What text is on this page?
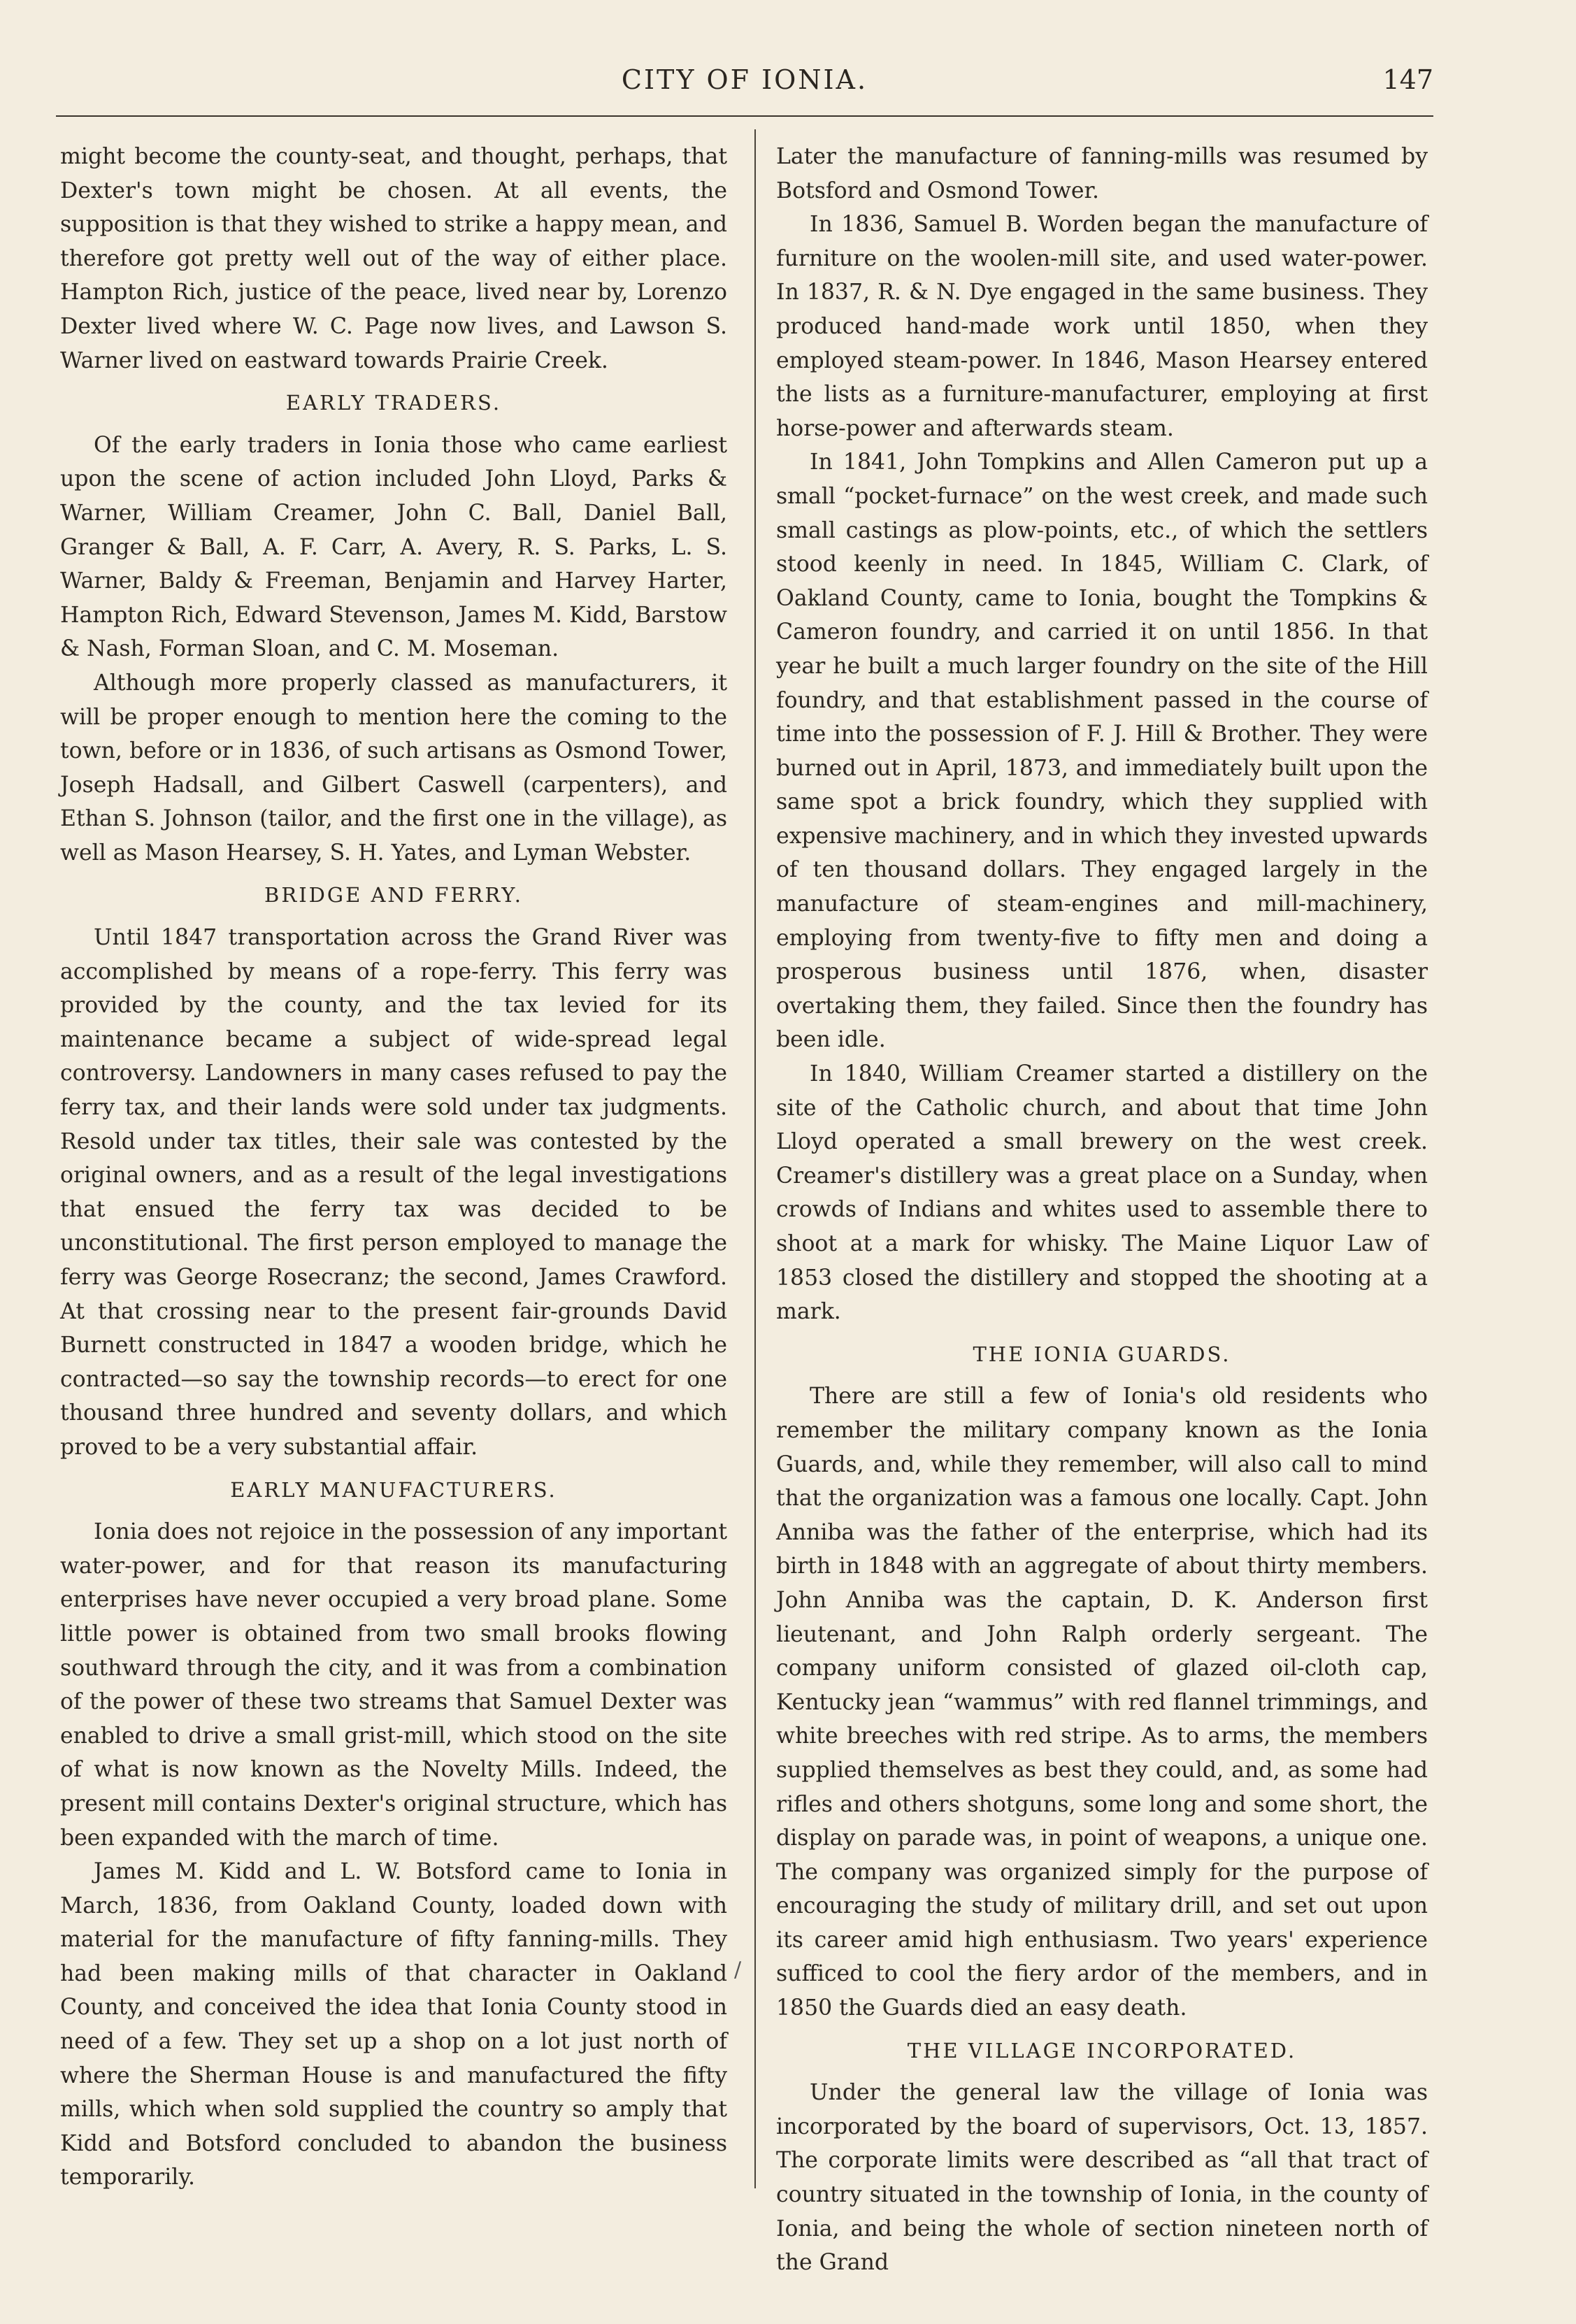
CITY OF IONIA.	147

might become the county-seat, and thought, perhaps, that Dexter's town might be chosen. At all events, the supposition is that they wished to strike a happy mean, and therefore got pretty well out of the way of either place. Hampton Rich, justice of the peace, lived near by, Lorenzo Dexter lived where W. C. Page now lives, and Lawson S. Warner lived on eastward towards Prairie Creek.

EARLY TRADERS.

Of the early traders in Ionia those who came earliest upon the scene of action included John Lloyd, Parks & Warner, William Creamer, John C. Ball, Daniel Ball, Granger & Ball, A. F. Carr, A. Avery, R. S. Parks, L. S. Warner, Baldy & Freeman, Benjamin and Harvey Harter, Hampton Rich, Edward Stevenson, James M. Kidd, Barstow & Nash, Forman Sloan, and C. M. Moseman.

Although more properly classed as manufacturers, it will be proper enough to mention here the coming to the town, before or in 1836, of such artisans as Osmond Tower, Joseph Hadsall, and Gilbert Caswell (carpenters), and Ethan S. Johnson (tailor, and the first one in the village), as well as Mason Hearsey, S. H. Yates, and Lyman Webster.

BRIDGE AND FERRY.

Until 1847 transportation across the Grand River was accomplished by means of a rope-ferry. This ferry was provided by the county, and the tax levied for its maintenance became a subject of wide-spread legal controversy. Landowners in many cases refused to pay the ferry tax, and their lands were sold under tax judgments. Resold under tax titles, their sale was contested by the original owners, and as a result of the legal investigations that ensued the ferry tax was decided to be unconstitutional. The first person employed to manage the ferry was George Rosecranz; the second, James Crawford. At that crossing near to the present fair-grounds David Burnett constructed in 1847 a wooden bridge, which he contracted—so say the township records—to erect for one thousand three hundred and seventy dollars, and which proved to be a very substantial affair.

EARLY MANUFACTURERS.

Ionia does not rejoice in the possession of any important water-power, and for that reason its manufacturing enterprises have never occupied a very broad plane. Some little power is obtained from two small brooks flowing southward through the city, and it was from a combination of the power of these two streams that Samuel Dexter was enabled to drive a small grist-mill, which stood on the site of what is now known as the Novelty Mills. Indeed, the present mill contains Dexter's original structure, which has been expanded with the march of time.

James M. Kidd and L. W. Botsford came to Ionia in March, 1836, from Oakland County, loaded down with material for the manufacture of fifty fanning-mills. They had been making mills of that character in Oakland County, and conceived the idea that Ionia County stood in need of a few. They set up a shop on a lot just north of where the Sherman House is and manufactured the fifty mills, which when sold supplied the country so amply that Kidd and Botsford concluded to abandon the business temporarily.

Later the manufacture of fanning-mills was resumed by Botsford and Osmond Tower.

In 1836, Samuel B. Worden began the manufacture of furniture on the woolen-mill site, and used water-power. In 1837, R. & N. Dye engaged in the same business. They produced hand-made work until 1850, when they employed steam-power. In 1846, Mason Hearsey entered the lists as a furniture-manufacturer, employing at first horse-power and afterwards steam.

In 1841, John Tompkins and Allen Cameron put up a small “pocket-furnace” on the west creek, and made such small castings as plow-points, etc., of which the settlers stood keenly in need. In 1845, William C. Clark, of Oakland County, came to Ionia, bought the Tompkins & Cameron foundry, and carried it on until 1856. In that year he built a much larger foundry on the site of the Hill foundry, and that establishment passed in the course of time into the possession of F. J. Hill & Brother. They were burned out in April, 1873, and immediately built upon the same spot a brick foundry, which they supplied with expensive machinery, and in which they invested upwards of ten thousand dollars. They engaged largely in the manufacture of steam-engines and mill-machinery, employing from twenty-five to fifty men and doing a prosperous business until 1876, when, disaster overtaking them, they failed. Since then the foundry has been idle.

In 1840, William Creamer started a distillery on the site of the Catholic church, and about that time John Lloyd operated a small brewery on the west creek. Creamer's distillery was a great place on a Sunday, when crowds of Indians and whites used to assemble there to shoot at a mark for whisky. The Maine Liquor Law of 1853 closed the distillery and stopped the shooting at a mark.

THE IONIA GUARDS.

There are still a few of Ionia's old residents who remember the military company known as the Ionia Guards, and, while they remember, will also call to mind that the organization was a famous one locally. Capt. John Anniba was the father of the enterprise, which had its birth in 1848 with an aggregate of about thirty members. John Anniba was the captain, D. K. Anderson first lieutenant, and John Ralph orderly sergeant. The company uniform consisted of glazed oil-cloth cap, Kentucky jean “wammus” with red flannel trimmings, and white breeches with red stripe. As to arms, the members supplied themselves as best they could, and, as some had rifles and others shotguns, some long and some short, the display on parade was, in point of weapons, a unique one. The company was organized simply for the purpose of encouraging the study of military drill, and set out upon its career amid high enthusiasm. Two years' experience sufficed to cool the fiery ardor of the members, and in 1850 the Guards died an easy death.

THE VILLAGE INCORPORATED.

Under the general law the village of Ionia was incorporated by the board of supervisors, Oct. 13, 1857. The corporate limits were described as “all that tract of country situated in the township of Ionia, in the county of Ionia, and being the whole of section nineteen north of the Grand

/
